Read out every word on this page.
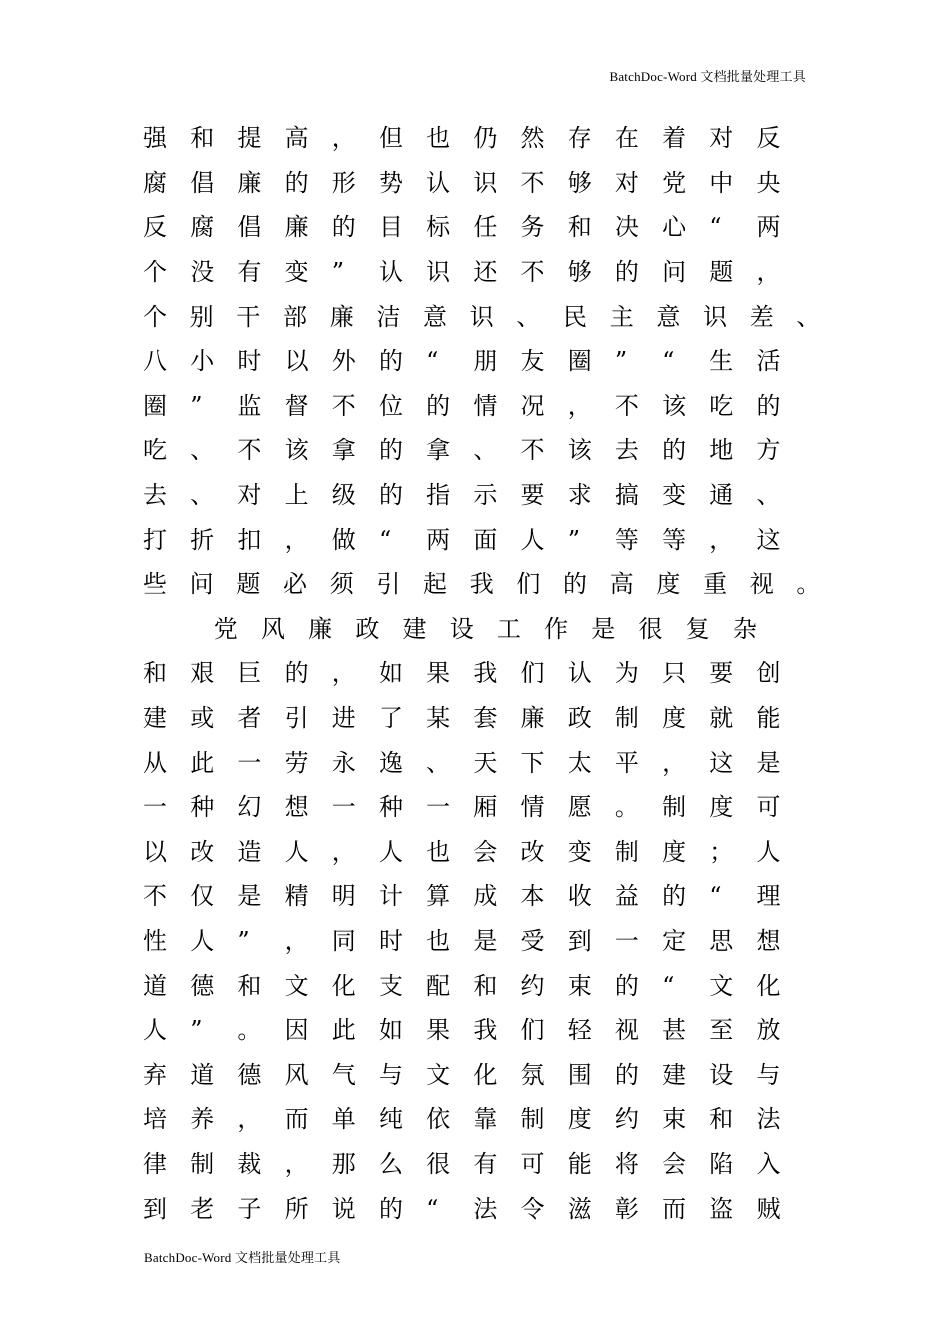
BatchDoc-Word 文档批量处理工具
强 和 提 高 ， 但 也 仍 然 存 在 着 对 反
腐 倡 廉 的 形 势 认 识 不 够 对 党 中 央
反 腐 倡 廉 的 目 标 任 务 和 决 心 “	两
个 没 有 变 ”	认 识 还 不 够 的 问 题 ，
个 别 干 部 廉 洁 意 识 、 民 主 意 识 差 、
八 小 时 以 外 的 “	朋 友 圈 ”	“	生 活
圈 ”	监 督 不 位 的 情 况 ， 不 该 吃 的
吃 、 不 该 拿 的 拿 、 不 该 去 的 地 方
去 、 对 上 级 的 指 示 要 求 搞 变 通 、
打 折 扣 ， 做 “	两 面 人 ”	等 等 ， 这
些 问 题 必 须 引 起 我 们 的 高 度 重 视 。
党 风 廉 政 建 设 工 作 是 很 复 杂
和 艰 巨 的 ， 如 果 我 们 认 为 只 要 创
建 或 者 引 进 了 某 套 廉 政 制 度 就 能
从 此 一 劳 永 逸 、 天 下 太 平 ， 这 是
一 种 幻 想 一 种 一 厢 情 愿 。 制 度 可
以 改 造 人 ， 人 也 会 改 变 制 度 ； 人
不 仅 是 精 明 计 算 成 本 收 益 的 “	理
性 人 ”	， 同 时 也 是 受 到 一 定 思 想
道 德 和 文 化 支 配 和 约 束 的 “	文 化
人 ”	。 因 此 如 果 我 们 轻 视 甚 至 放
弃 道 德 风 气 与 文 化 氛 围 的 建 设 与
培 养 ， 而 单 纯 依 靠 制 度 约 束 和 法
律 制 裁 ， 那 么 很 有 可 能 将 会 陷 入
到 老 子 所 说 的 “	法 令 滋 彰 而 盗 贼
BatchDoc-Word 文档批量处理工具
